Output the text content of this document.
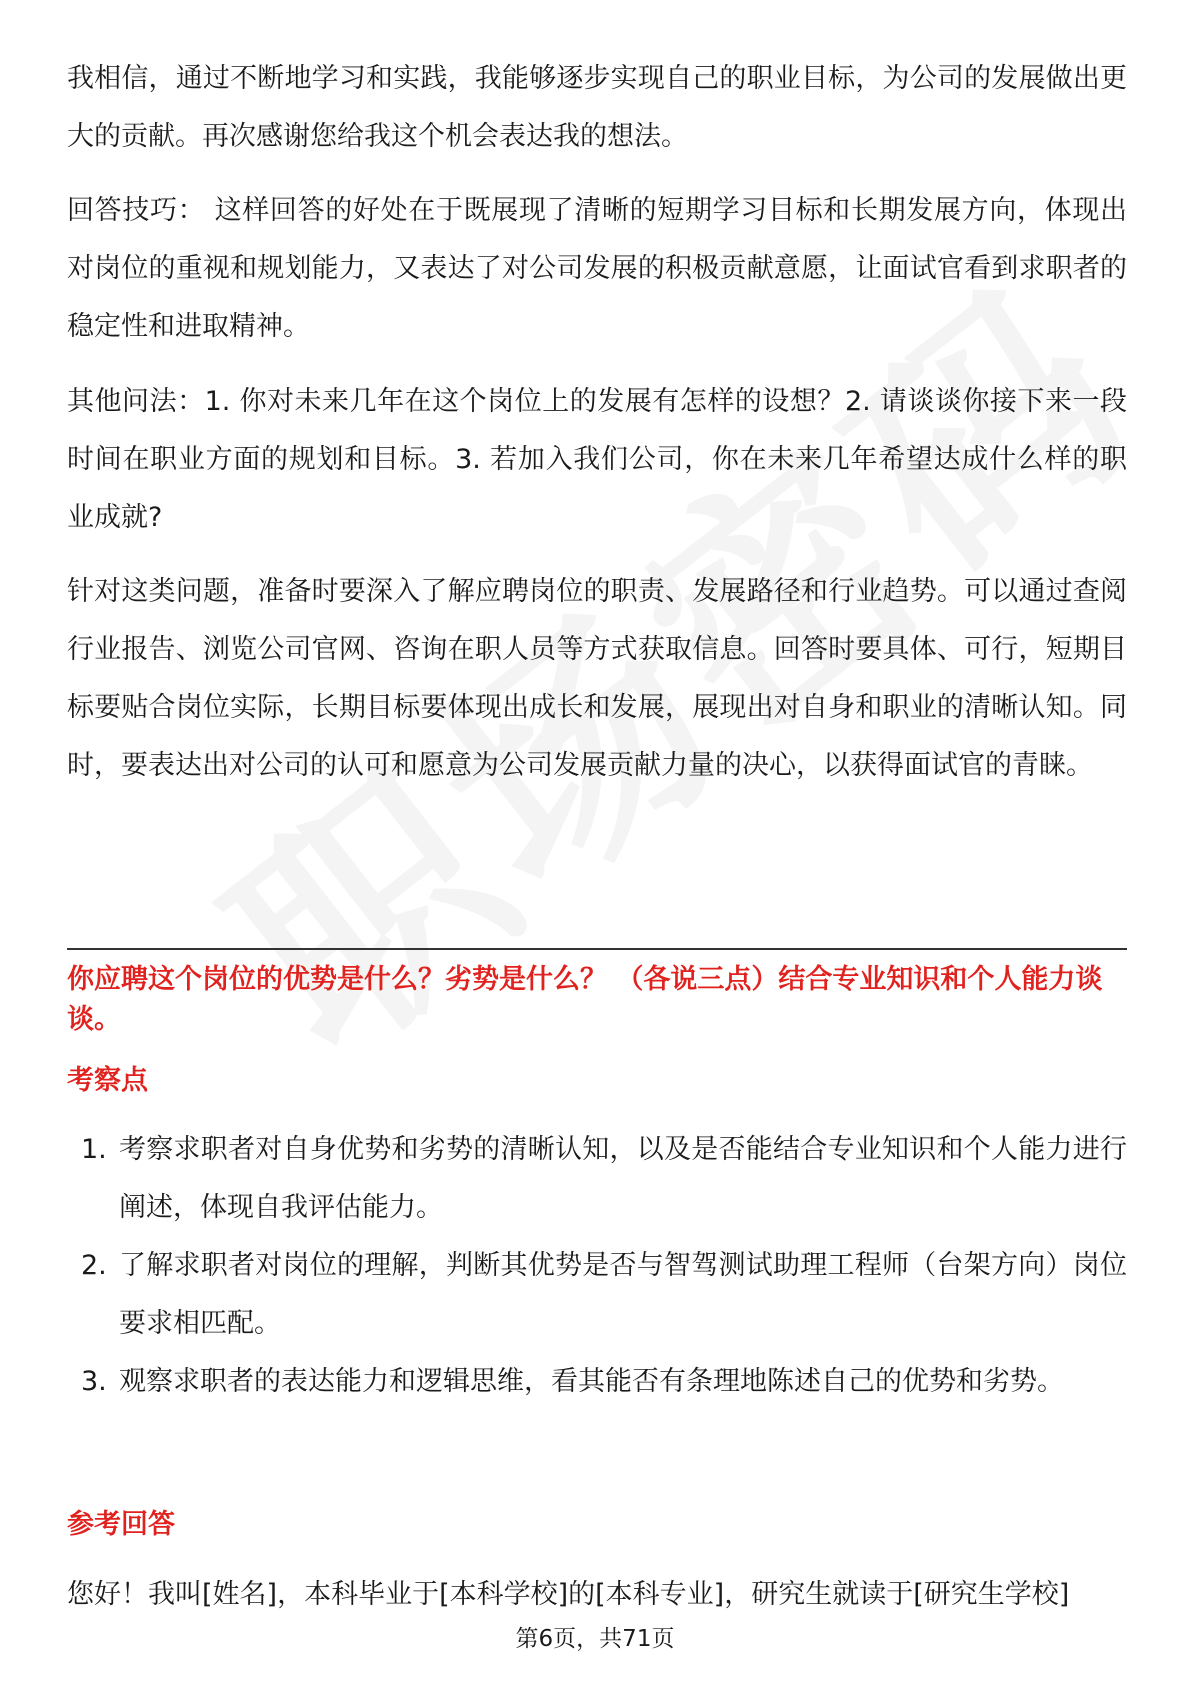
我相信，通过不断地学习和实践，我能够逐步实现自己的职业目标，为公司的发展做出更大的贡献。再次感谢您给我这个机会表达我的想法。

回答技巧： 这样回答的好处在于既展现了清晰的短期学习目标和长期发展方向，体现出对岗位的重视和规划能力，又表达了对公司发展的积极贡献意愿，让面试官看到求职者的稳定性和进取精神。

其他问法：1. 你对未来几年在这个岗位上的发展有怎样的设想？2. 请谈谈你接下来一段时间在职业方面的规划和目标。3. 若加入我们公司，你在未来几年希望达成什么样的职业成就?

针对这类问题，准备时要深入了解应聘岗位的职责、发展路径和行业趋势。可以通过查阅行业报告、浏览公司官网、咨询在职人员等方式获取信息。回答时要具体、可行，短期目标要贴合岗位实际，长期目标要体现出成长和发展，展现出对自身和职业的清晰认知。同时，要表达出对公司的认可和愿意为公司发展贡献力量的决心，以获得面试官的青睐。

你应聘这个岗位的优势是什么？劣势是什么？ （各说三点）结合专业知识和个人能力谈谈。

考察点

1. 考察求职者对自身优势和劣势的清晰认知，以及是否能结合专业知识和个人能力进行阐述，体现自我评估能力。
2. 了解求职者对岗位的理解，判断其优势是否与智驾测试助理工程师（台架方向）岗位要求相匹配。
3. 观察求职者的表达能力和逻辑思维，看其能否有条理地陈述自己的优势和劣势。

参考回答

您好！我叫[姓名]，本科毕业于[本科学校]的[本科专业]，研究生就读于[研究生学校]

第6页，共71页
